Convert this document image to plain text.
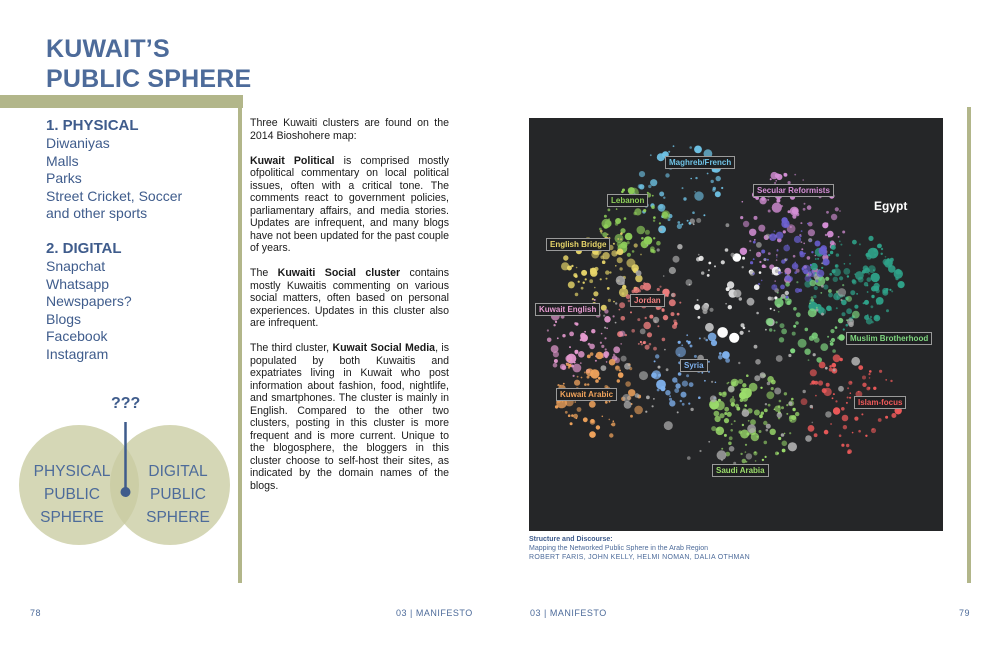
KUWAIT’S
PUBLIC SPHERE
1. PHYSICAL
Diwaniyas
Malls
Parks
Street Cricket, Soccer
and other sports
2. DIGITAL
Snapchat
Whatsapp
Newspapers?
Blogs
Facebook
Instagram
???
PHYSICAL
PUBLIC
SPHERE
DIGITAL
PUBLIC
SPHERE

Three Kuwaiti clusters are found on the 2014 Bioshohere map:

Kuwait Political is comprised mostly ofpolitical commentary on local political issues, often with a critical tone. The comments react to government policies, parliamentary affairs, and media stories. Updates are infrequent, and many blogs have not been updated for the past couple of years.

The Kuwaiti Social cluster contains mostly Kuwaitis commenting on various social matters, often based on personal experiences. Updates in this cluster also are infrequent.

The third cluster, Kuwait Social Media, is populated by both Kuwaitis and expatriates living in Kuwait who post information about fashion, food, nightlife, and smartphones. The cluster is mainly in English. Compared to the other two clusters, posting in this cluster is more frequent and is more current. Unique to the blogosphere, the bloggers in this cluster choose to self-host their sites, as indicated by the domain names of the blogs.

Maghreb/French
Secular Reformists
Egypt
Lebanon
English Bridge
Jordan
Kuwait English
Muslim Brotherhood
Syria
Kuwait Arabic
Islam-focus
Saudi Arabia
Structure and Discourse:
Mapping the Networked Public Sphere in the Arab Region
ROBERT FARIS, JOHN KELLY, HELMI NOMAN, DALIA OTHMAN
78	03 | MANIFESTO	03 | MANIFESTO	79
